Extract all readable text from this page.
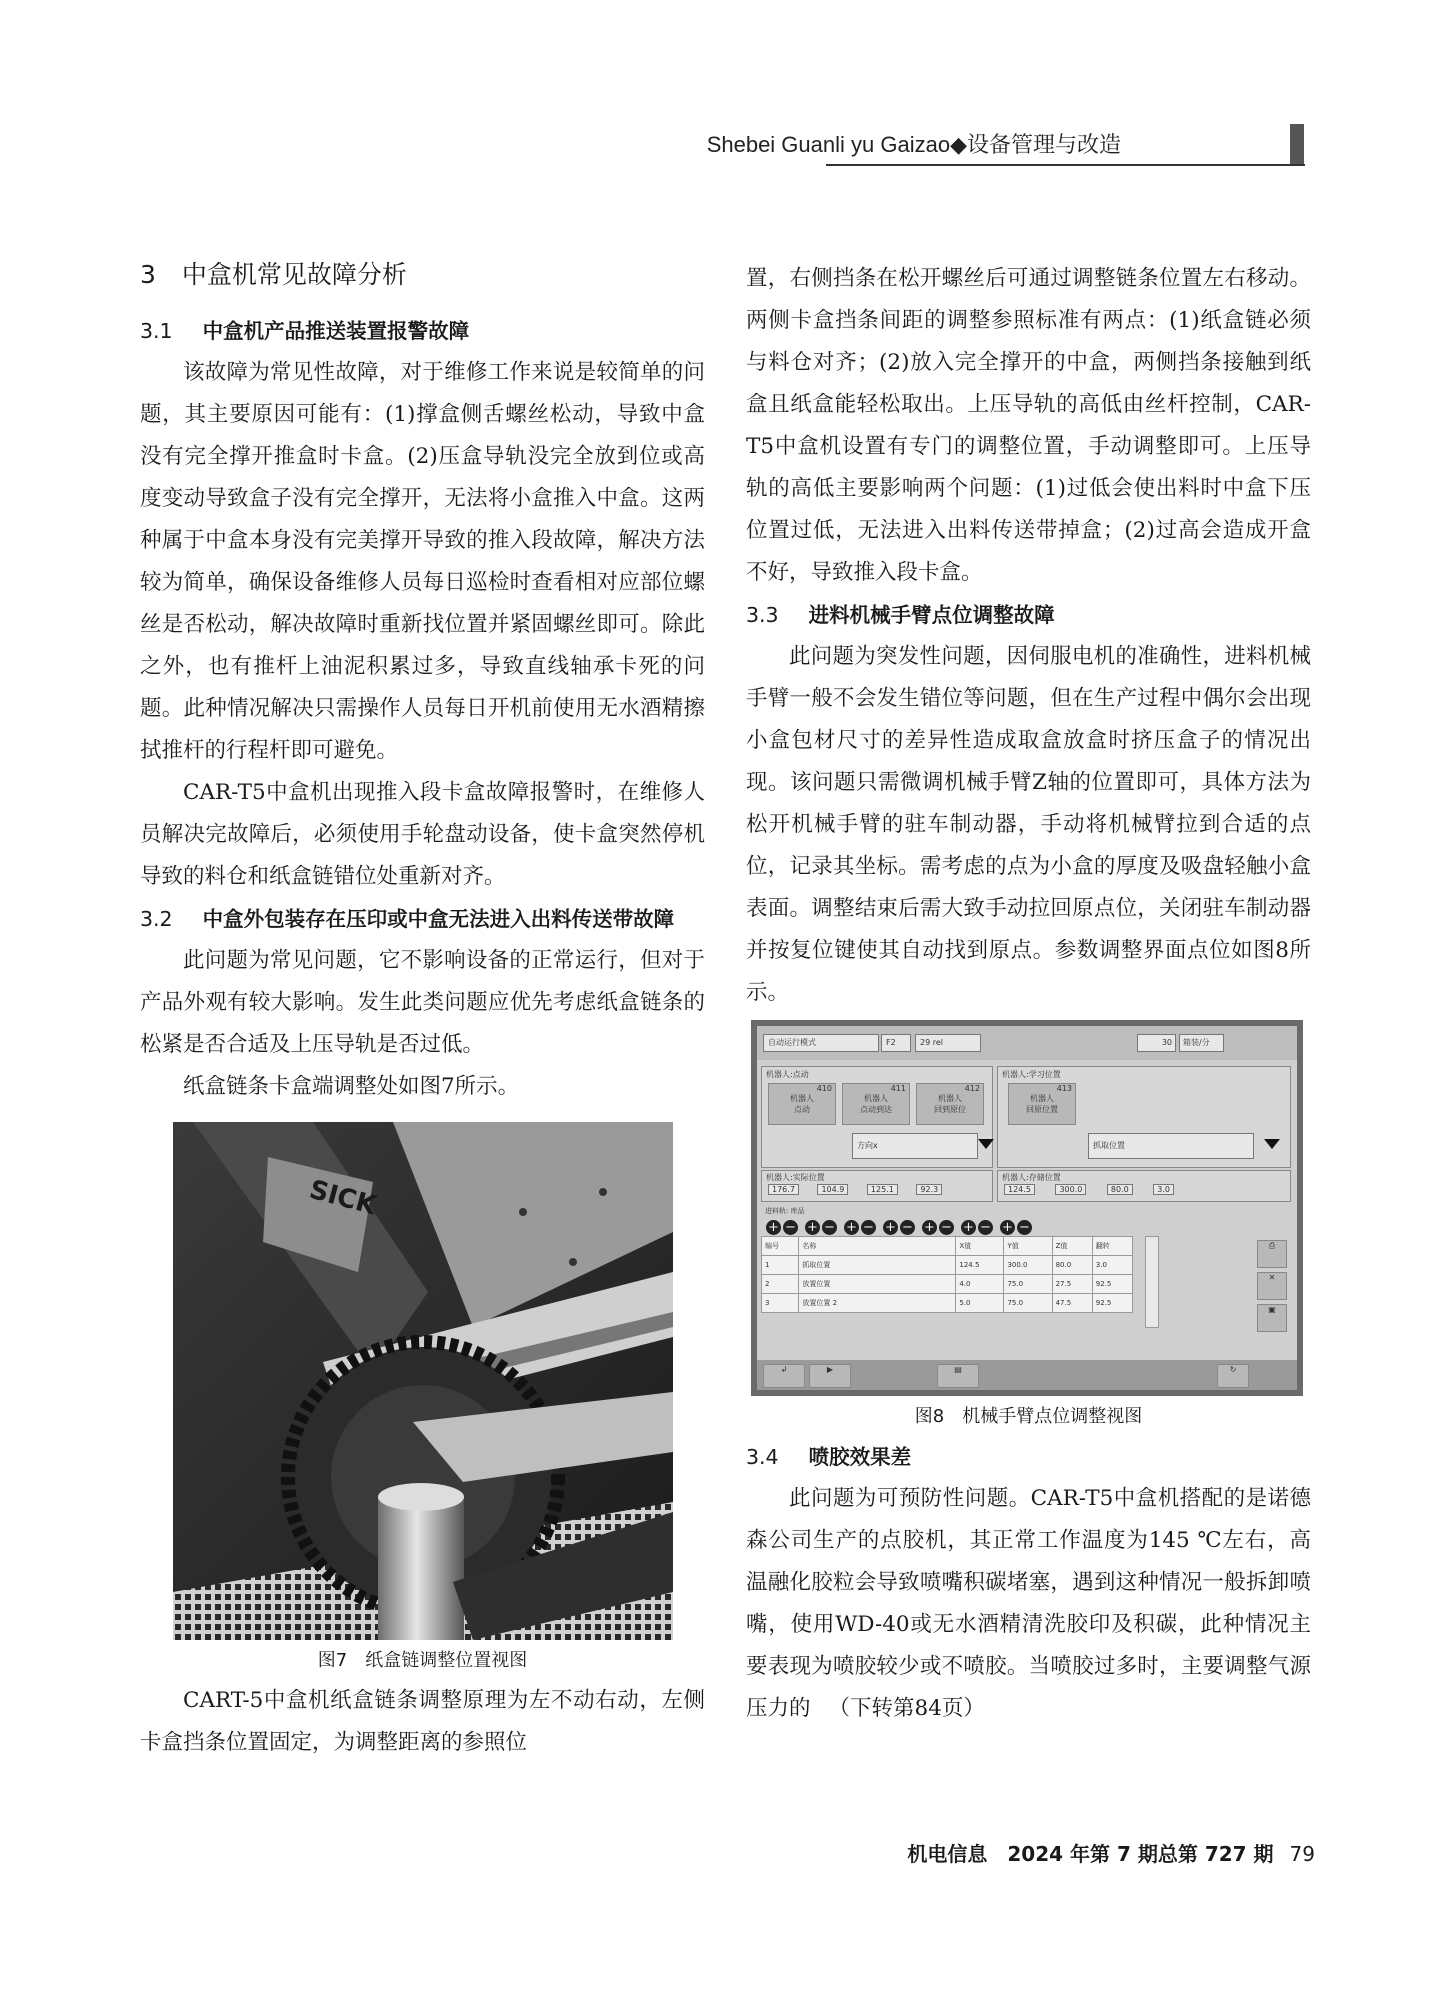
Shebei Guanli yu Gaizao◆设备管理与改造
3 中盒机常见故障分析
3.1 中盒机产品推送装置报警故障

该故障为常见性故障，对于维修工作来说是较简单的问题，其主要原因可能有：(1)撑盒侧舌螺丝松动，导致中盒没有完全撑开推盒时卡盒。(2)压盒导轨没完全放到位或高度变动导致盒子没有完全撑开，无法将小盒推入中盒。这两种属于中盒本身没有完美撑开导致的推入段故障，解决方法较为简单，确保设备维修人员每日巡检时查看相对应部位螺丝是否松动，解决故障时重新找位置并紧固螺丝即可。除此之外，也有推杆上油泥积累过多，导致直线轴承卡死的问题。此种情况解决只需操作人员每日开机前使用无水酒精擦拭推杆的行程杆即可避免。

CAR-T5中盒机出现推入段卡盒故障报警时，在维修人员解决完故障后，必须使用手轮盘动设备，使卡盒突然停机导致的料仓和纸盒链错位处重新对齐。

3.2 中盒外包装存在压印或中盒无法进入出料传送带故障

此问题为常见问题，它不影响设备的正常运行，但对于产品外观有较大影响。发生此类问题应优先考虑纸盒链条的松紧是否合适及上压导轨是否过低。

纸盒链条卡盒端调整处如图7所示。

SICK
图7　纸盒链调整位置视图

CART-5中盒机纸盒链条调整原理为左不动右动，左侧卡盒挡条位置固定，为调整距离的参照位

置，右侧挡条在松开螺丝后可通过调整链条位置左右移动。两侧卡盒挡条间距的调整参照标准有两点：(1)纸盒链必须与料仓对齐；(2)放入完全撑开的中盒，两侧挡条接触到纸盒且纸盒能轻松取出。上压导轨的高低由丝杆控制，CAR-T5中盒机设置有专门的调整位置，手动调整即可。上压导轨的高低主要影响两个问题：(1)过低会使出料时中盒下压位置过低，无法进入出料传送带掉盒；(2)过高会造成开盒不好，导致推入段卡盒。

3.3 进料机械手臂点位调整故障

此问题为突发性问题，因伺服电机的准确性，进料机械手臂一般不会发生错位等问题，但在生产过程中偶尔会出现小盒包材尺寸的差异性造成取盒放盒时挤压盒子的情况出现。该问题只需微调机械手臂Z轴的位置即可，具体方法为松开机械手臂的驻车制动器，手动将机械臂拉到合适的点位，记录其坐标。需考虑的点为小盒的厚度及吸盘轻触小盒表面。调整结束后需大致手动拉回原点位，关闭驻车制动器并按复位键使其自动找到原点。参数调整界面点位如图8所示。

自动运行模式	F2	29 rel	30	箱装/分
机器人:点动
410
机器人
点动
411
机器人
点动到达
412
机器人
回到原位
方向x
机器人:学习位置
413
机器人
回原位置
抓取位置
机器人:实际位置
176.7	104.9	125.1	92.3
机器人:存储位置
124.5	300.0	80.0	3.0
进料轨: 库品
+ − + − + − + − + − + − + −
编号	名称	X值	Y值	Z值	翻转
1	抓取位置	124.5	300.0	80.0	3.0
2	放置位置	4.0	75.0	27.5	92.5
3	放置位置 2	5.0	75.0	47.5	92.5
⎙
✕
▣
↲	▶	▤	↻
图8　机械手臂点位调整视图
3.4 喷胶效果差

此问题为可预防性问题。CAR-T5中盒机搭配的是诺德森公司生产的点胶机，其正常工作温度为145 ℃左右，高温融化胶粒会导致喷嘴积碳堵塞，遇到这种情况一般拆卸喷嘴，使用WD-40或无水酒精清洗胶印及积碳，此种情况主要表现为喷胶较少或不喷胶。当喷胶过多时，主要调整气源压力的 （下转第84页）

机电信息　2024 年第 7 期总第 727 期 79
